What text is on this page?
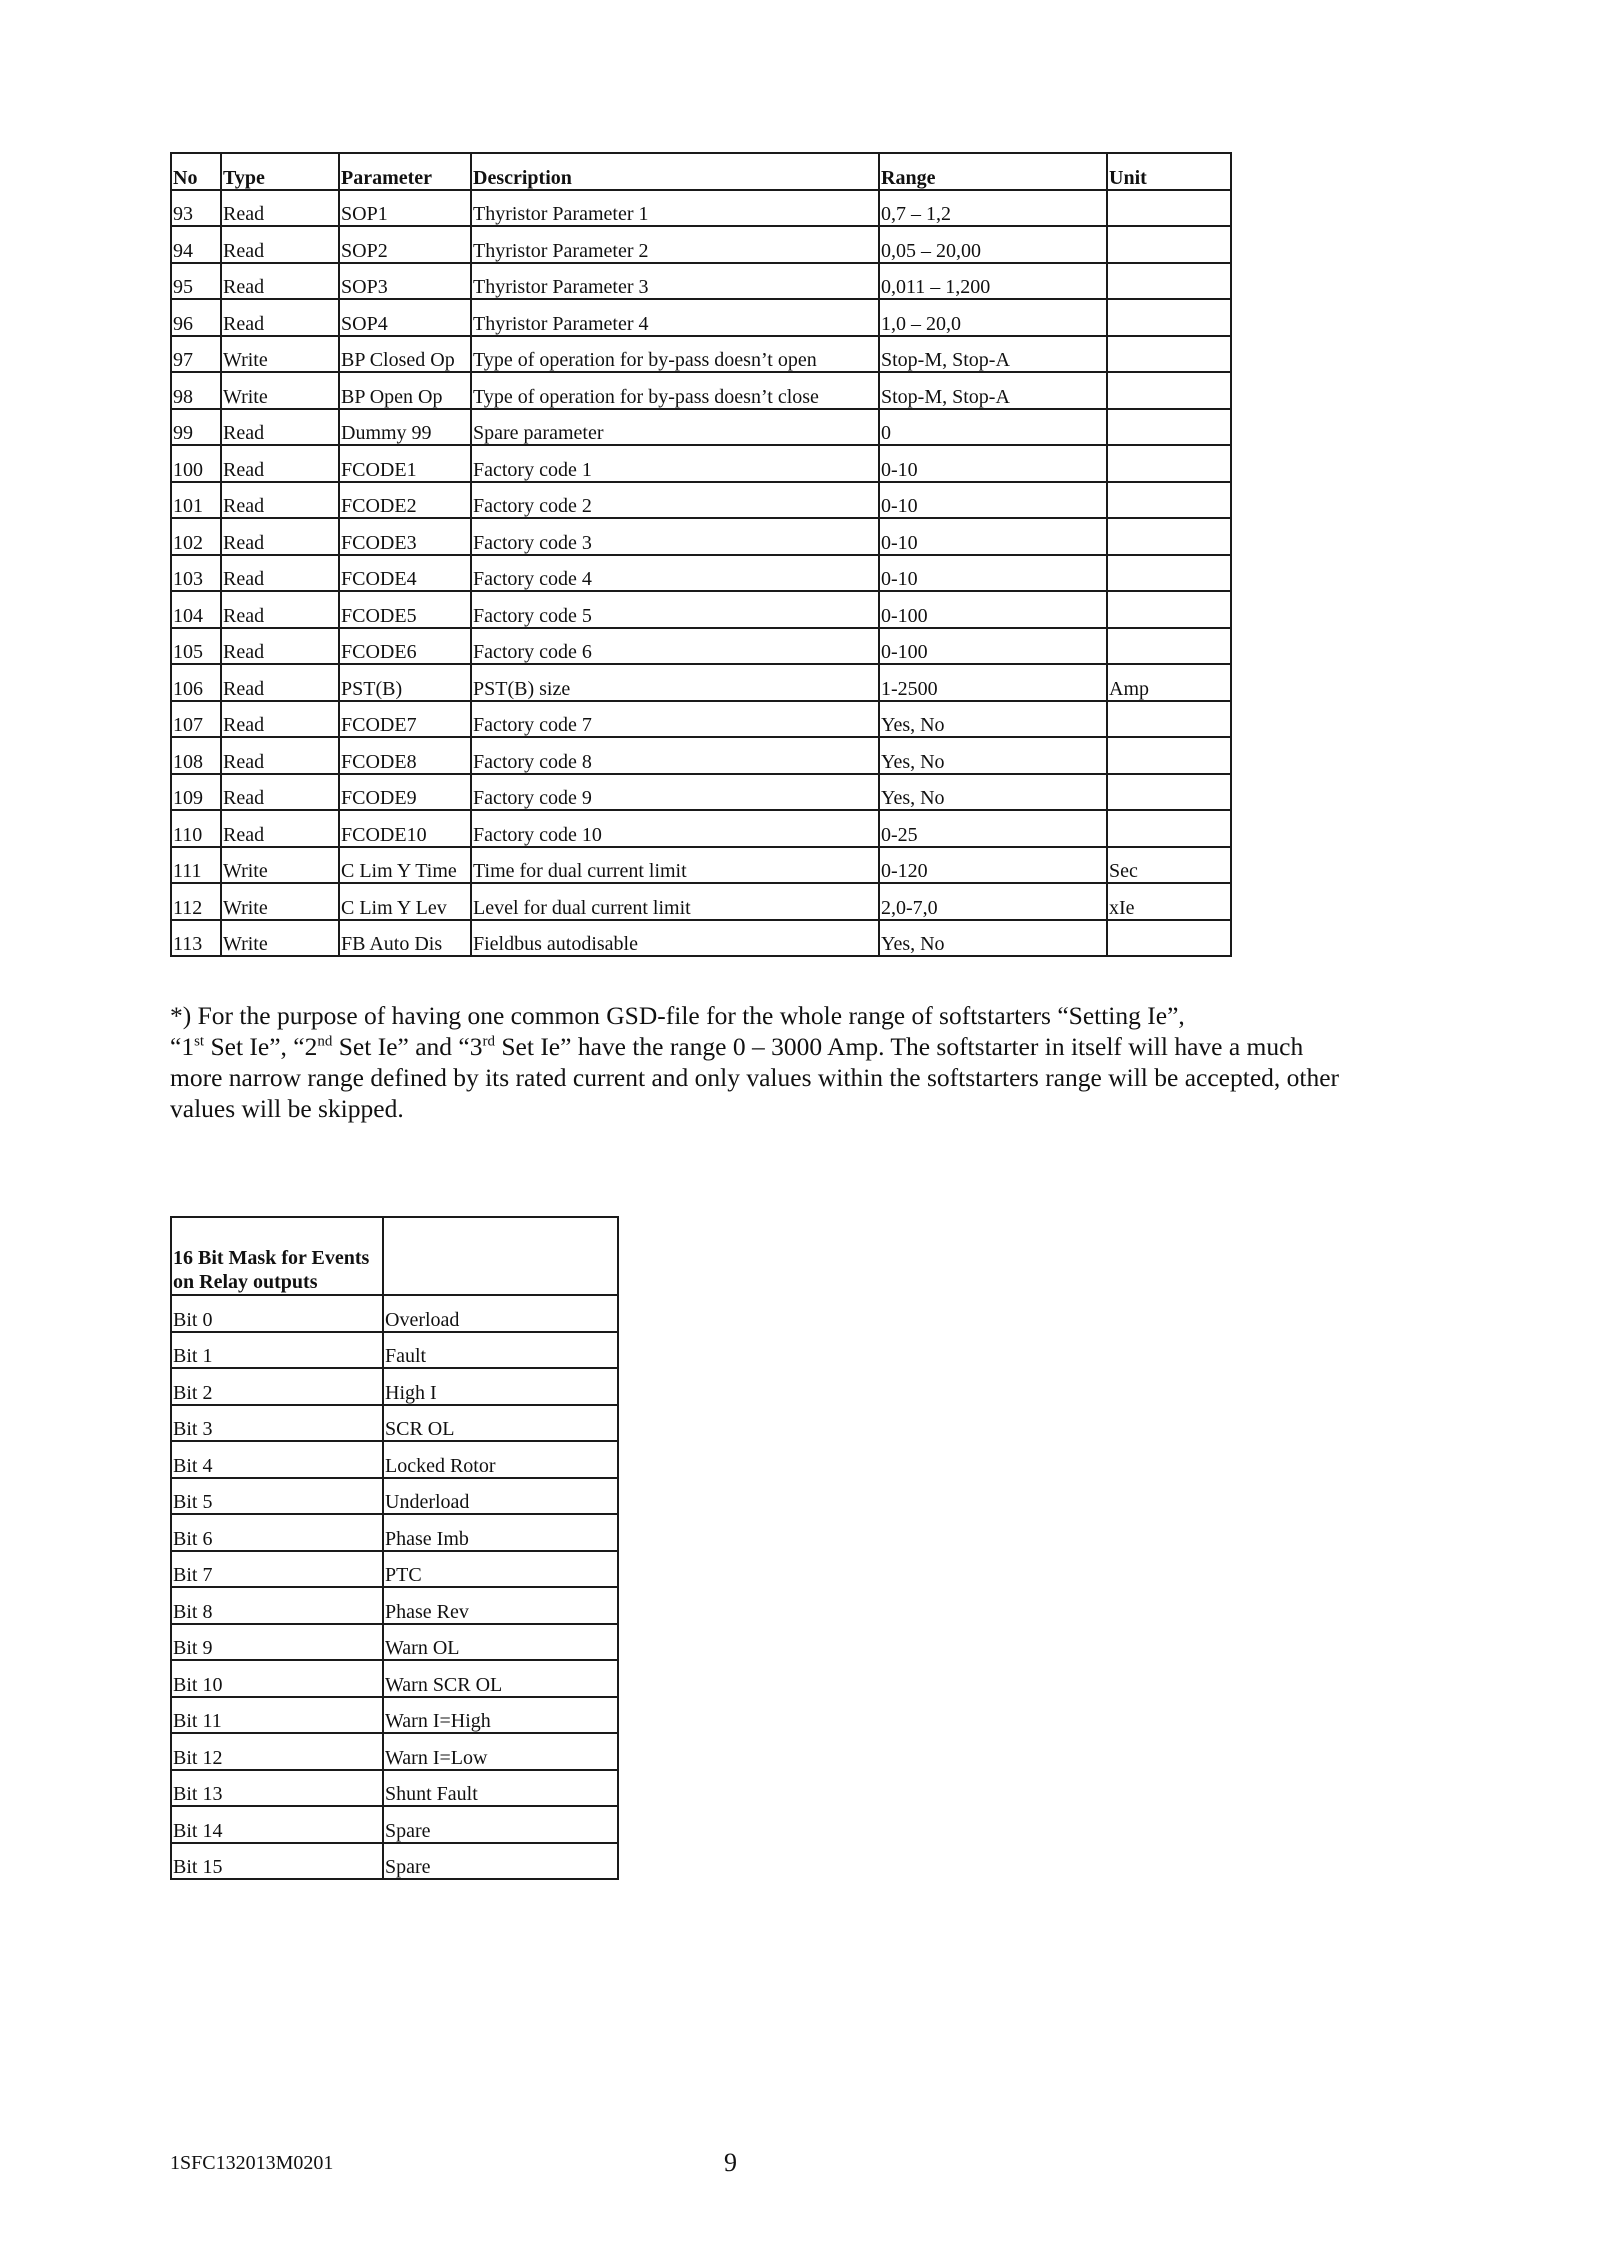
No	Type	Parameter	Description	Range	Unit
93	Read	SOP1	Thyristor Parameter 1	0,7 – 1,2	
94	Read	SOP2	Thyristor Parameter 2	0,05 – 20,00	
95	Read	SOP3	Thyristor Parameter 3	0,011 – 1,200	
96	Read	SOP4	Thyristor Parameter 4	1,0 – 20,0	
97	Write	BP Closed Op	Type of operation for by-pass doesn’t open	Stop-M, Stop-A	
98	Write	BP Open Op	Type of operation for by-pass doesn’t close	Stop-M, Stop-A	
99	Read	Dummy 99	Spare parameter	0	
100	Read	FCODE1	Factory code 1	0-10	
101	Read	FCODE2	Factory code 2	0-10	
102	Read	FCODE3	Factory code 3	0-10	
103	Read	FCODE4	Factory code 4	0-10	
104	Read	FCODE5	Factory code 5	0-100	
105	Read	FCODE6	Factory code 6	0-100	
106	Read	PST(B)	PST(B) size	1-2500	Amp
107	Read	FCODE7	Factory code 7	Yes, No	
108	Read	FCODE8	Factory code 8	Yes, No	
109	Read	FCODE9	Factory code 9	Yes, No	
110	Read	FCODE10	Factory code 10	0-25	
111	Write	C Lim Y Time	Time for dual current limit	0-120	Sec
112	Write	C Lim Y Lev	Level for dual current limit	2,0-7,0	xIe
113	Write	FB Auto Dis	Fieldbus autodisable	Yes, No	
*) For the purpose of having one common GSD-file for the whole range of softstarters “Setting Ie”,
“1st Set Ie”, “2nd Set Ie” and “3rd Set Ie” have the range 0 – 3000 Amp. The softstarter in itself will have a much
more narrow range defined by its rated current and only values within the softstarters range will be accepted, other
values will be skipped.
16 Bit Mask for Events on Relay outputs	
Bit 0	Overload
Bit 1	Fault
Bit 2	High I
Bit 3	SCR OL
Bit 4	Locked Rotor
Bit 5	Underload
Bit 6	Phase Imb
Bit 7	PTC
Bit 8	Phase Rev
Bit 9	Warn OL
Bit 10	Warn SCR OL
Bit 11	Warn I=High
Bit 12	Warn I=Low
Bit 13	Shunt Fault
Bit 14	Spare
Bit 15	Spare
1SFC132013M0201	9
